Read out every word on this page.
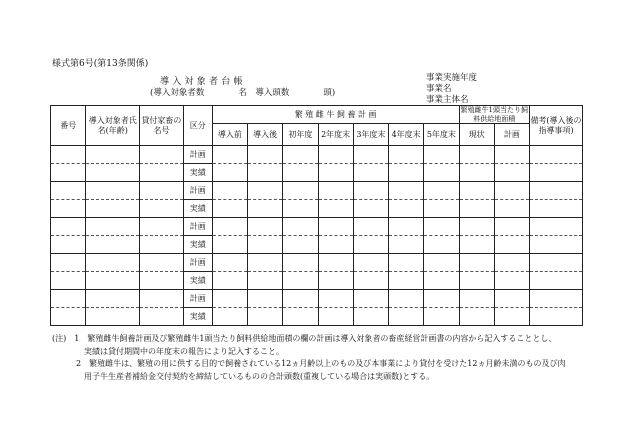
様式第6号(第13条関係)
導 入 対 象 者 台 帳
(導入対象者数　　　　名　導入頭数　　　　頭)
事業実施年度
事業名
事業主体名
番号	導入対象者氏名(年齢)	貸付家畜の名号	区分	繁 殖 雌 牛 飼 養 計 画							繁殖雌牛1頭当たり飼料供給地面積		備考(導入後の指導事項)
				導入前	導入後	初年度	2年度末	3年度末	4年度末	5年度末	現状	計画	
			計画										
			実績										
			計画										
			実績										
			計画										
			実績										
			計画										
			実績										
			計画										
			実績										
(注)　1　繁殖雌牛飼養計画及び繁殖雌牛1頭当たり飼料供給地面積の欄の計画は導入対象者の畜産経営計画書の内容から記入することとし、
　　　　実績は貸付期間中の年度末の報告により記入すること。
　　　2　繁殖雌牛は、繁殖の用に供する目的で飼養されている12ヵ月齢以上のもの及び本事業により貸付を受けた12ヵ月齢未満のもの及び肉
　　　　用子牛生産者補給金交付契約を締結しているものの合計頭数(重複している場合は実頭数)とする。
